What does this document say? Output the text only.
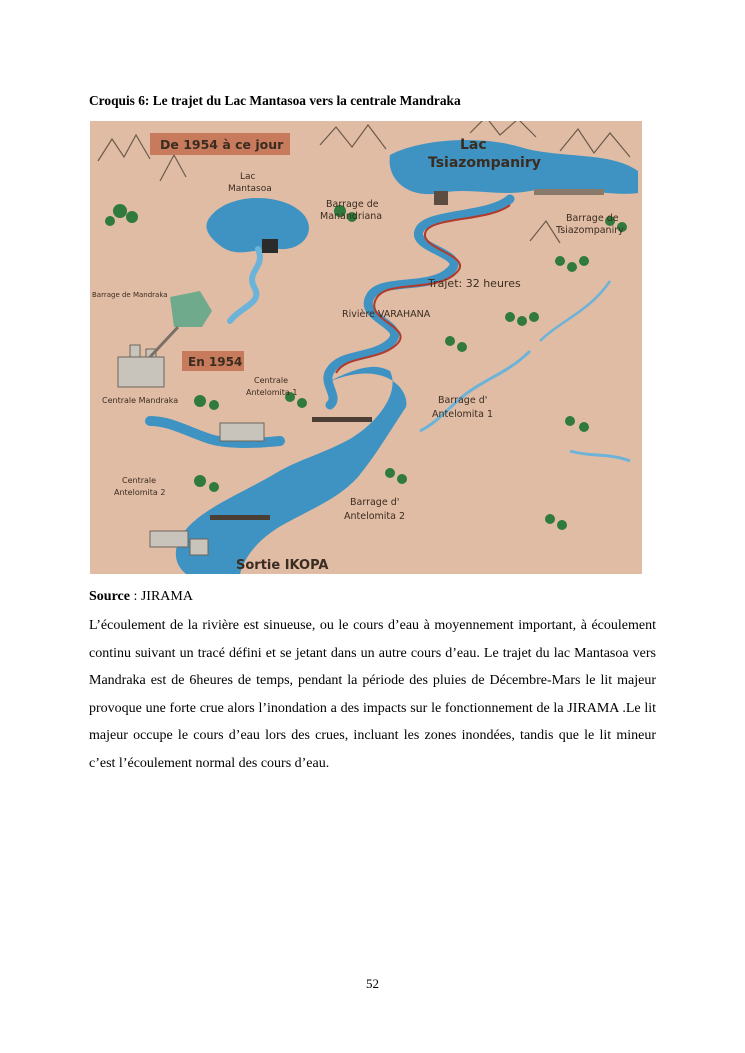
Croquis 6: Le trajet du Lac Mantasoa vers la centrale Mandraka
De 1954 à ce jour
En 1954
Lac
Mantasoa
Lac
Tsiazompaniry
Barrage de
Manandriana	Barrage de
Tsiazompaniry
Trajet: 32 heures
Rivière VARAHANA
Barrage de Mandraka
Centrale Mandraka
Centrale
Antelomita 1
Barrage d'
Antelomita 1
Centrale
Antelomita 2
Barrage d'
Antelomita 2
Sortie IKOPA
Source : JIRAMA

L’écoulement de la rivière est sinueuse, ou le cours d’eau à moyennement important, à écoulement continu suivant un tracé défini et se jetant dans un autre cours d’eau. Le trajet du lac Mantasoa vers Mandraka est de 6heures de temps, pendant la période des pluies de Décembre-Mars le lit majeur provoque une forte crue alors l’inondation a des impacts sur le fonctionnement de la JIRAMA .Le lit majeur occupe le cours d’eau lors des crues, incluant les zones inondées, tandis que le lit mineur c’est l’écoulement normal des cours d’eau.

52
